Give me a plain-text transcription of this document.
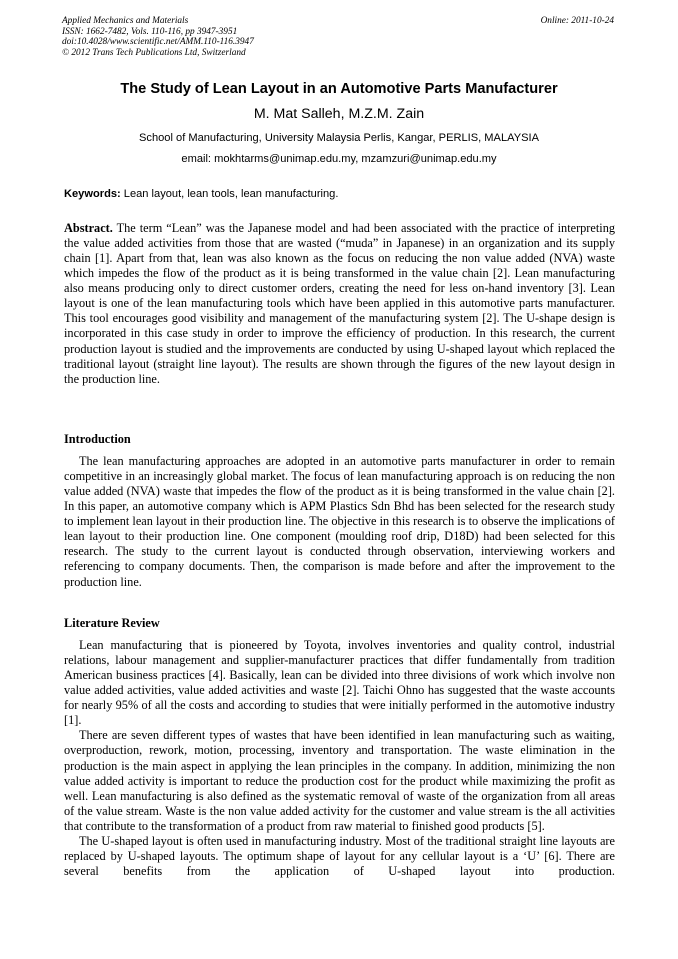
Applied Mechanics and Materials
ISSN: 1662-7482, Vols. 110-116, pp 3947-3951
doi:10.4028/www.scientific.net/AMM.110-116.3947
© 2012 Trans Tech Publications Ltd, Switzerland
Online: 2011-10-24
The Study of Lean Layout in an Automotive Parts Manufacturer
M. Mat Salleh, M.Z.M. Zain
School of Manufacturing, University Malaysia Perlis, Kangar, PERLIS, MALAYSIA
email: mokhtarms@unimap.edu.my, mzamzuri@unimap.edu.my
Keywords: Lean layout, lean tools, lean manufacturing.

Abstract. The term “Lean” was the Japanese model and had been associated with the practice of interpreting the value added activities from those that are wasted (“muda” in Japanese) in an organization and its supply chain [1]. Apart from that, lean was also known as the focus on reducing the non value added (NVA) waste which impedes the flow of the product as it is being transformed in the value chain [2]. Lean manufacturing also means producing only to direct customer orders, creating the need for less on-hand inventory [3]. Lean layout is one of the lean manufacturing tools which have been applied in this automotive parts manufacturer. This tool encourages good visibility and management of the manufacturing system [2]. The U-shape design is incorporated in this case study in order to improve the efficiency of production. In this research, the current production layout is studied and the improvements are conducted by using U-shaped layout which replaced the traditional layout (straight line layout). The results are shown through the figures of the new layout design in the production line.

Introduction

The lean manufacturing approaches are adopted in an automotive parts manufacturer in order to remain competitive in an increasingly global market. The focus of lean manufacturing approach is on reducing the non value added (NVA) waste that impedes the flow of the product as it is being transformed in the value chain [2]. In this paper, an automotive company which is APM Plastics Sdn Bhd has been selected for the research study to implement lean layout in their production line. The objective in this research is to observe the implications of lean layout to their production line. One component (moulding roof drip, D18D) had been selected for this research. The study to the current layout is conducted through observation, interviewing workers and referencing to company documents. Then, the comparison is made before and after the improvement to the production line.

Literature Review

Lean manufacturing that is pioneered by Toyota, involves inventories and quality control, industrial relations, labour management and supplier-manufacturer practices that differ fundamentally from tradition American business practices [4]. Basically, lean can be divided into three divisions of work which involve non value added activities, value added activities and waste [2]. Taichi Ohno has suggested that the waste accounts for nearly 95% of all the costs and according to studies that were initially performed in the automotive industry [1].

There are seven different types of wastes that have been identified in lean manufacturing such as waiting, overproduction, rework, motion, processing, inventory and transportation. The waste elimination in the production is the main aspect in applying the lean principles in the company. In addition, minimizing the non value added activity is important to reduce the production cost for the product while maximizing the profit as well. Lean manufacturing is also defined as the systematic removal of waste of the organization from all areas of the value stream. Waste is the non value added activity for the customer and value stream is the all activities that contribute to the transformation of a product from raw material to finished good products [5].

The U-shaped layout is often used in manufacturing industry. Most of the traditional straight line layouts are replaced by U-shaped layouts. The optimum shape of layout for any cellular layout is a ‘U’ [6]. There are several benefits from the application of U-shaped layout into production.
